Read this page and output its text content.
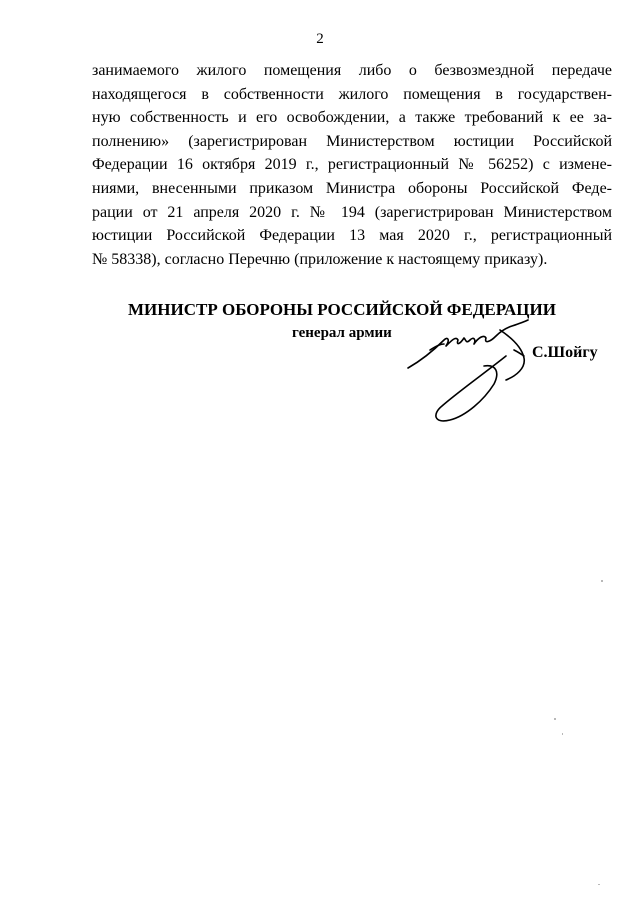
2
занимаемого жилого помещения либо о безвозмездной передаче
находящегося в собственности жилого помещения в государствен-
ную собственность и его освобождении, а также требований к ее за-
полнению» (зарегистрирован Министерством юстиции Российской
Федерации 16 октября 2019 г., регистрационный № 56252) с измене-
ниями, внесенными приказом Министра обороны Российской Феде-
рации от 21 апреля 2020 г. № 194 (зарегистрирован Министерством
юстиции Российской Федерации 13 мая 2020 г., регистрационный
№ 58338), согласно Перечню (приложение к настоящему приказу).
МИНИСТР ОБОРОНЫ РОССИЙСКОЙ ФЕДЕРАЦИИ
генерал армии
С.Шойгу
